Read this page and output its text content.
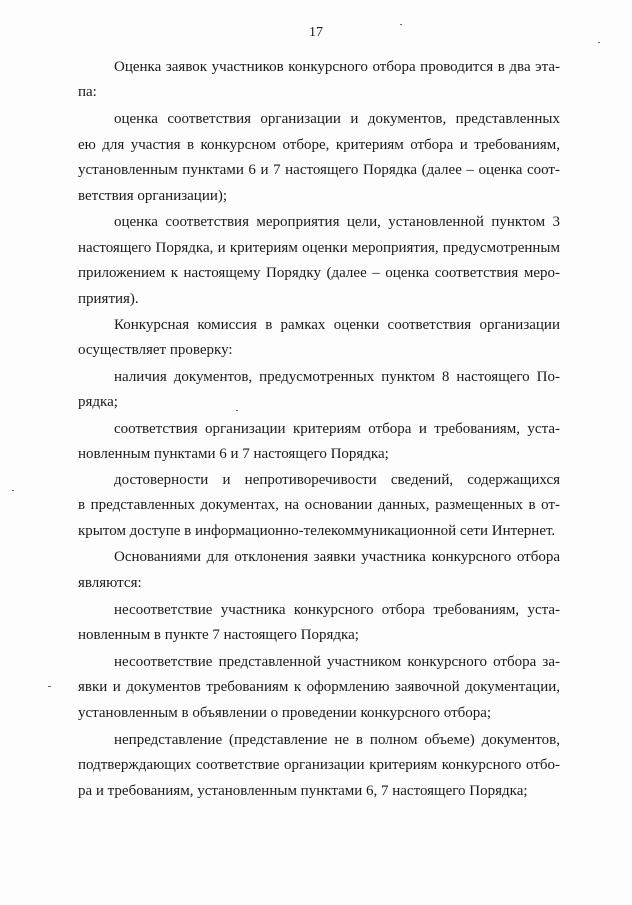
17
Оценка заявок участников конкурсного отбора проводится в два эта-
па:
оценка соответствия организации и документов, представленных
ею для участия в конкурсном отборе, критериям отбора и требованиям,
установленным пунктами 6 и 7 настоящего Порядка (далее – оценка соот-
ветствия организации);
оценка соответствия мероприятия цели, установленной пунктом 3
настоящего Порядка, и критериям оценки мероприятия, предусмотренным
приложением к настоящему Порядку (далее – оценка соответствия меро-
приятия).
Конкурсная комиссия в рамках оценки соответствия организации
осуществляет проверку:
наличия документов, предусмотренных пунктом 8 настоящего По-
рядка;
соответствия организации критериям отбора и требованиям, уста-
новленным пунктами 6 и 7 настоящего Порядка;
достоверности и непротиворечивости сведений, содержащихся
в представленных документах, на основании данных, размещенных в от-
крытом доступе в информационно-телекоммуникационной сети Интернет.
Основаниями для отклонения заявки участника конкурсного отбора
являются:
несоответствие участника конкурсного отбора требованиям, уста-
новленным в пункте 7 настоящего Порядка;
несоответствие представленной участником конкурсного отбора за-
явки и документов требованиям к оформлению заявочной документации,
установленным в объявлении о проведении конкурсного отбора;
непредставление (представление не в полном объеме) документов,
подтверждающих соответствие организации критериям конкурсного отбо-
ра и требованиям, установленным пунктами 6, 7 настоящего Порядка;
